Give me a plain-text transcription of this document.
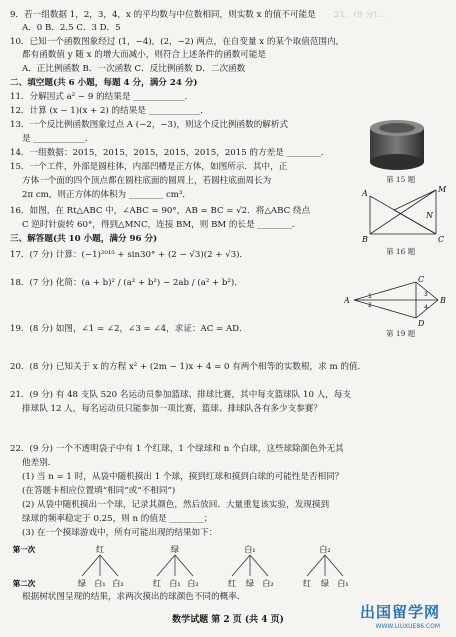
9．若一组数据 1，2，3，4，x 的平均数与中位数相同，则实数 x 的值不可能是
A．0 B．2.5 C．3 D．5
10．已知一个函数图象经过 (1，−4)，(2，−2) 两点，在自变量 x 的某个取值范围内，
都有函数值 y 随 x 的增大而减小，则符合上述条件的函数可能是
A．正比例函数 B．一次函数 C．反比例函数 D．二次函数
二、填空题(共 6 小题，每题 4 分，满分 24 分)
11．分解因式 a² − 9 的结果是 ____________．
12．计算 (x − 1)(x + 2) 的结果是 ____________．
13．一个反比例函数图象过点 A (−2，−3)，则这个反比例函数的解析式
是 ____________．
14．一组数据：2015，2015，2015，2015，2015，2015 的方差是 ________．
15．一个工件，外部是圆柱体，内部凹槽是正方体，如图所示．其中，正
方体一个面的四个顶点都在圆柱底面的圆周上，若圆柱底面周长为
2π cm，则正方体的体积为 ________ cm³．
16．如图，在 Rt△ABC 中，∠ABC = 90°，AB = BC = √2．将△ABC 绕点
C 逆时针旋转 60°，得到△MNC，连接 BM，则 BM 的长是 ________．
三、解答题(共 10 小题，满分 96 分)
17．(7 分) 计算：(−1)²⁰¹⁵ + sin30° + (2 − √3)(2 + √3)．
18．(7 分) 化简：(a + b)² / (a² + b²) − 2ab / (a² + b²)．
19．(8 分) 如图，∠1 = ∠2，∠3 = ∠4，求证：AC = AD．
20．(8 分) 已知关于 x 的方程 x² + (2m − 1)x + 4 = 0 有两个相等的实数根，求 m 的值．
21．(9 分) 有 48 支队 520 名运动员参加篮球、排球比赛，其中每支篮球队 10 人，每支
排球队 12 人，每名运动员只能参加一项比赛，篮球、排球队各有多少支参赛？
22．(9 分) 一个不透明袋子中有 1 个红球，1 个绿球和 n 个白球，这些球除颜色外无其
他差别．
(1) 当 n = 1 时，从袋中随机摸出 1 个球，摸到红球和摸到白球的可能性是否相同？
(在答题卡相应位置填“相同”或“不相同”)
(2) 从袋中随机摸出一个球，记录其颜色，然后放回．大量重复该实验，发现摸到
绿球的频率稳定于 0.25，则 n 的值是 ________；
(3) 在一个摸球游戏中，所有可能出现的结果如下：
根据树状图呈现的结果，求两次摸出的球颜色不同的概率．
21．(9 分)...
第 15 题
M
A
N
B	C
第 16 题
A	B
C
D
1
2
3
4
第 19 题
第一次
第二次
红
绿 白₁ 白₂
绿
红 白₁ 白₂
白₁
红 绿 白₂
白₂
红 绿 白₁
数学试题 第 2 页 (共 4 页)	出国留学网
WWW.LIUXUE86.COM
